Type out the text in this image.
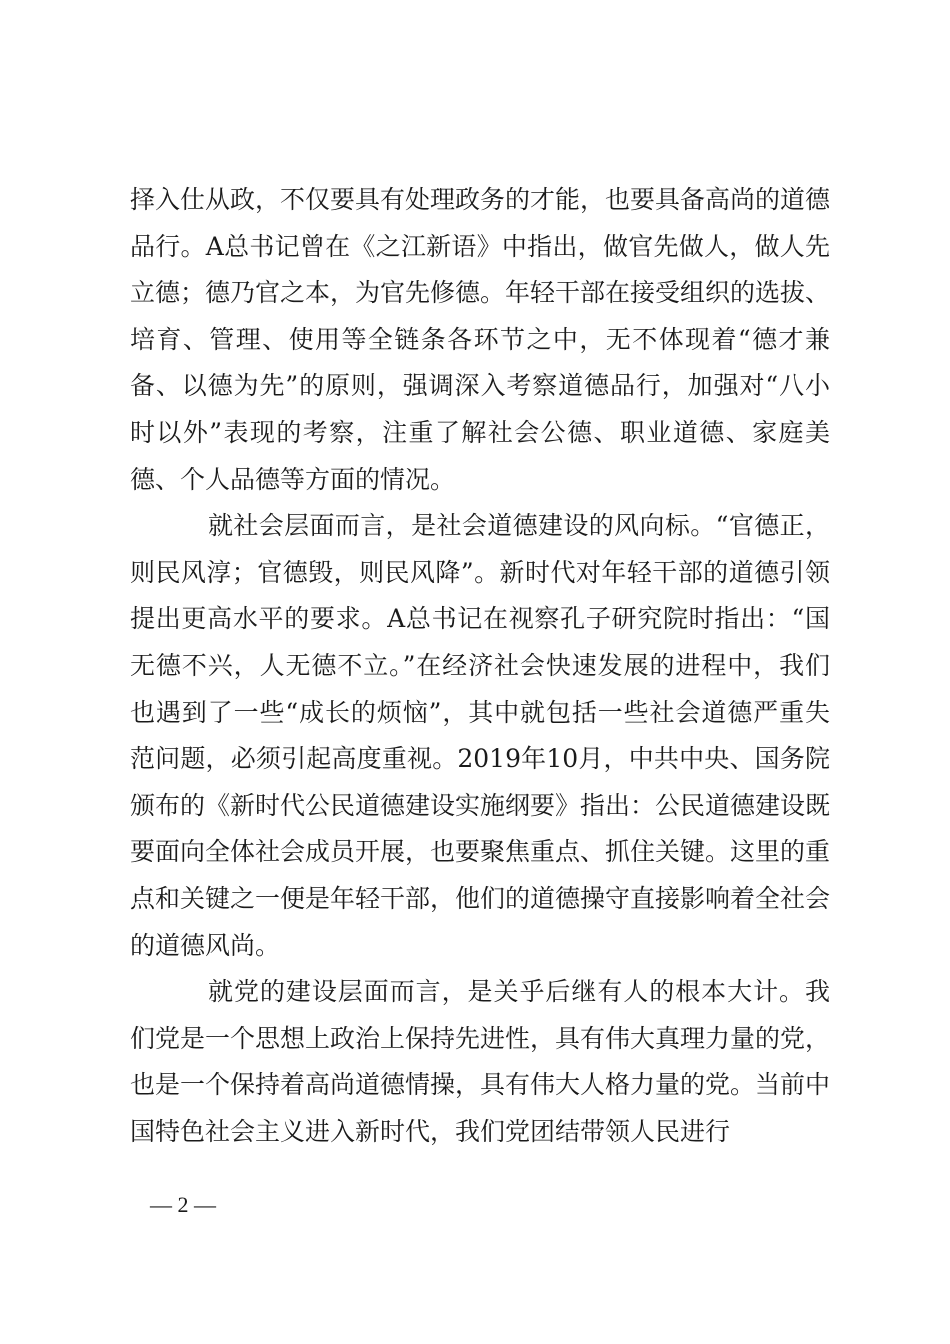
择入仕从政，不仅要具有处理政务的才能，也要具备高尚的道德品行。A总书记曾在《之江新语》中指出，做官先做人，做人先立德；德乃官之本，为官先修德。年轻干部在接受组织的选拔、培育、管理、使用等全链条各环节之中，无不体现着“德才兼备、以德为先”的原则，强调深入考察道德品行，加强对“八小时以外”表现的考察，注重了解社会公德、职业道德、家庭美德、个人品德等方面的情况。

就社会层面而言，是社会道德建设的风向标。“官德正，则民风淳；官德毁，则民风降”。新时代对年轻干部的道德引领提出更高水平的要求。A总书记在视察孔子研究院时指出：“国无德不兴，人无德不立。”在经济社会快速发展的进程中，我们也遇到了一些“成长的烦恼”，其中就包括一些社会道德严重失范问题，必须引起高度重视。2019年10月，中共中央、国务院颁布的《新时代公民道德建设实施纲要》指出：公民道德建设既要面向全体社会成员开展，也要聚焦重点、抓住关键。这里的重点和关键之一便是年轻干部，他们的道德操守直接影响着全社会的道德风尚。

就党的建设层面而言，是关乎后继有人的根本大计。我们党是一个思想上政治上保持先进性，具有伟大真理力量的党，也是一个保持着高尚道德情操，具有伟大人格力量的党。当前中国特色社会主义进入新时代，我们党团结带领人民进行

— 2 —
